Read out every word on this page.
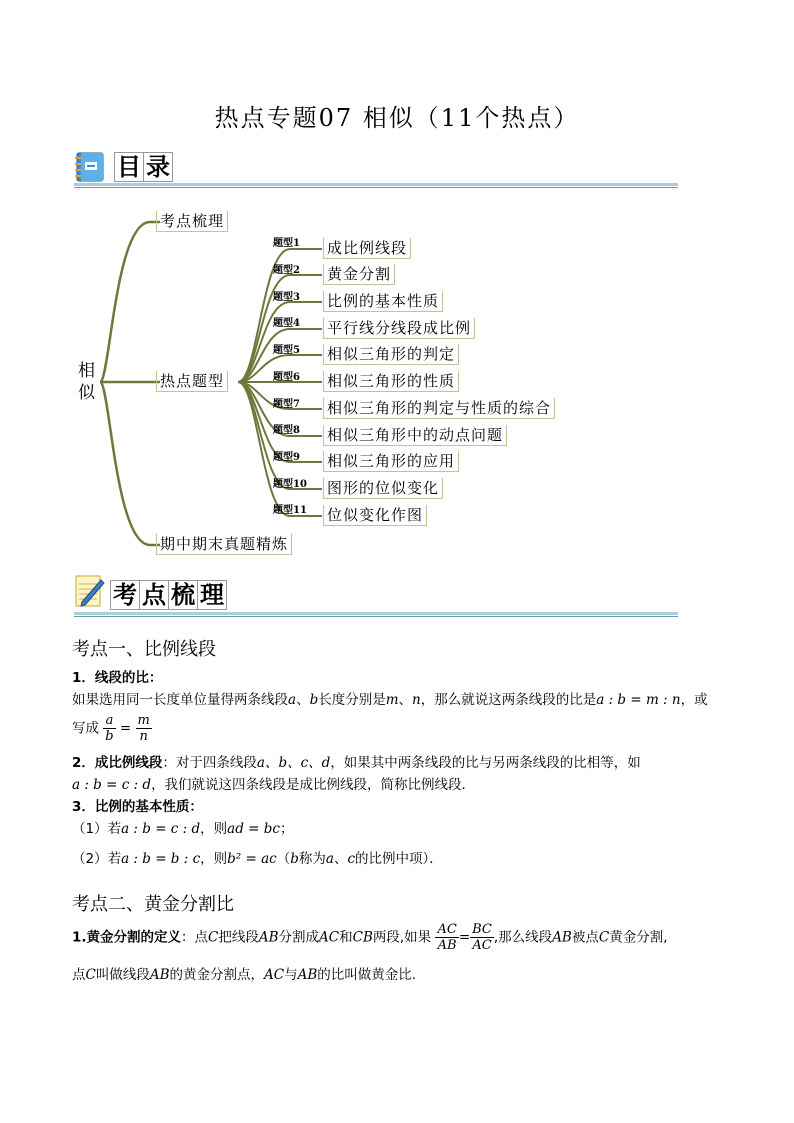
热点专题07 相似（11个热点）
目 录
相似
考点梳理
热点题型
期中期末真题精炼
题型1 成比例线段
题型2 黄金分割
题型3 比例的基本性质
题型4 平行线分线段成比例
题型5 相似三角形的判定
题型6 相似三角形的性质
题型7 相似三角形的判定与性质的综合
题型8 相似三角形中的动点问题
题型9 相似三角形的应用
题型10 图形的位似变化
题型11 位似变化作图
考 点 梳 理
考点一、比例线段
1．线段的比：
如果选用同一长度单位量得两条线段a、b长度分别是m、n，那么就说这两条线段的比是a : b = m : n，或
写成 $\frac{a}{b} = \frac{m}{n}$
2．成比例线段：对于四条线段a、b、c、d，如果其中两条线段的比与另两条线段的比相等，如
a : b = c : d，我们就说这四条线段是成比例线段，简称比例线段．
3．比例的基本性质：
（1）若a : b = c : d，则ad = bc；
（2）若a : b = b : c，则b² = ac（b称为a、c的比例中项）．
考点二、黄金分割比
1.黄金分割的定义：点C把线段AB分割成AC和CB两段,如果 $\frac{AC}{AB} = \frac{BC}{AC}$ ,那么线段AB被点C黄金分割,
点C叫做线段AB的黄金分割点，AC与AB的比叫做黄金比.
